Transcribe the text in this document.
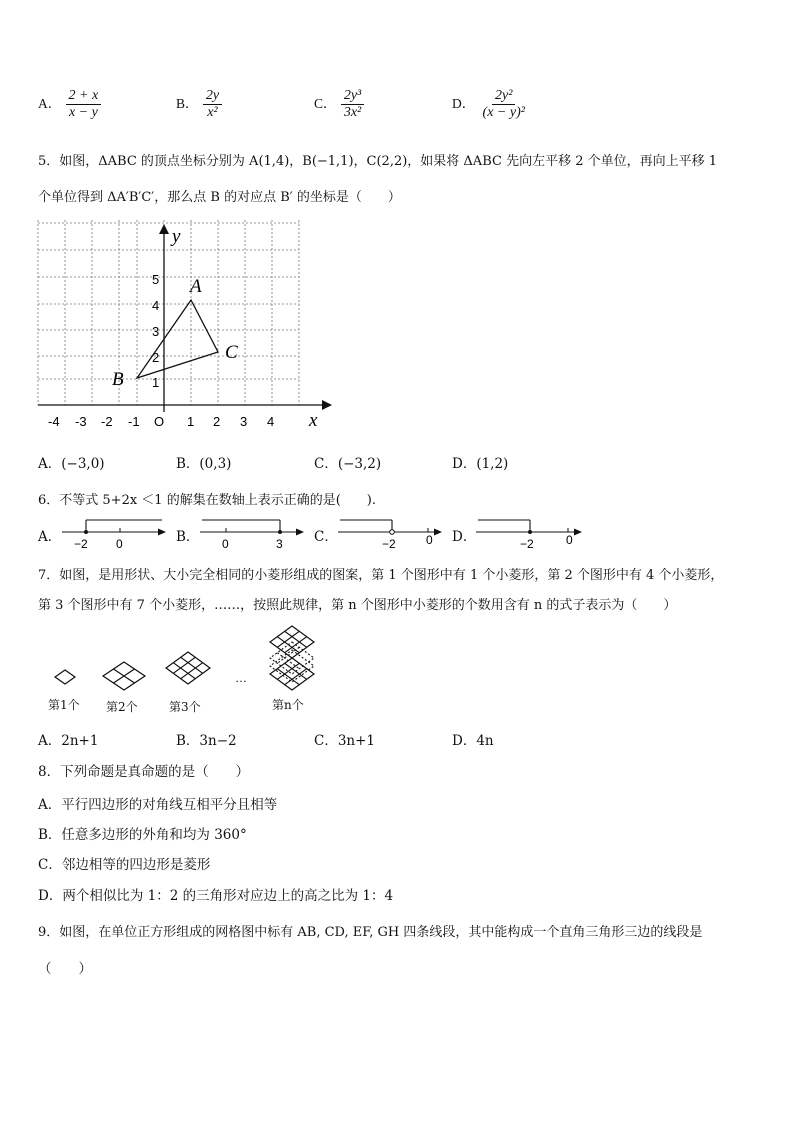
A． $\frac{2 + x}{x - y}$	B． $\frac{2y}{\text{x²}}$	C． $\frac{\text{2y³}}{\text{3x²}}$	D． $\frac{\text{2y²}}{\text{(x − y)²}}$
5．如图，ΔABC 的顶点坐标分别为 A(1,4)，B(−1,1)，C(2,2)，如果将 ΔABC 先向左平移 2 个单位，再向上平移 1
个单位得到 ΔA′B′C′，那么点 B 的对应点 B′ 的坐标是（　　）
y
x
O
-4 -3 -2 -1	1 2 3 4
1
2
3
4
5 A
B
C
A．(−3,0)	B．(0,3)	C．(−3,2)	D．(1,2)
6．不等式 5+2x ＜1 的解集在数轴上表示正确的是(　　).
A． −2 0	B． 0	3 C．	−2	0 D．	−2	0
7．如图，是用形状、大小完全相同的小菱形组成的图案，第 1 个图形中有 1 个小菱形，第 2 个图形中有 4 个小菱形，
第 3 个图形中有 7 个小菱形，……，按照此规律，第 n 个图形中小菱形的个数用含有 n 的式子表示为（　　）
…
第1个 第2个	第3个	第n个
A．2n+1	B．3n−2	C．3n+1	D．4n
8．下列命题是真命题的是（　　）
A．平行四边形的对角线互相平分且相等
B．任意多边形的外角和均为 360°
C．邻边相等的四边形是菱形
D．两个相似比为 1：2 的三角形对应边上的高之比为 1：4
9．如图，在单位正方形组成的网格图中标有 AB, CD, EF, GH 四条线段，其中能构成一个直角三角形三边的线段是
（　　）
